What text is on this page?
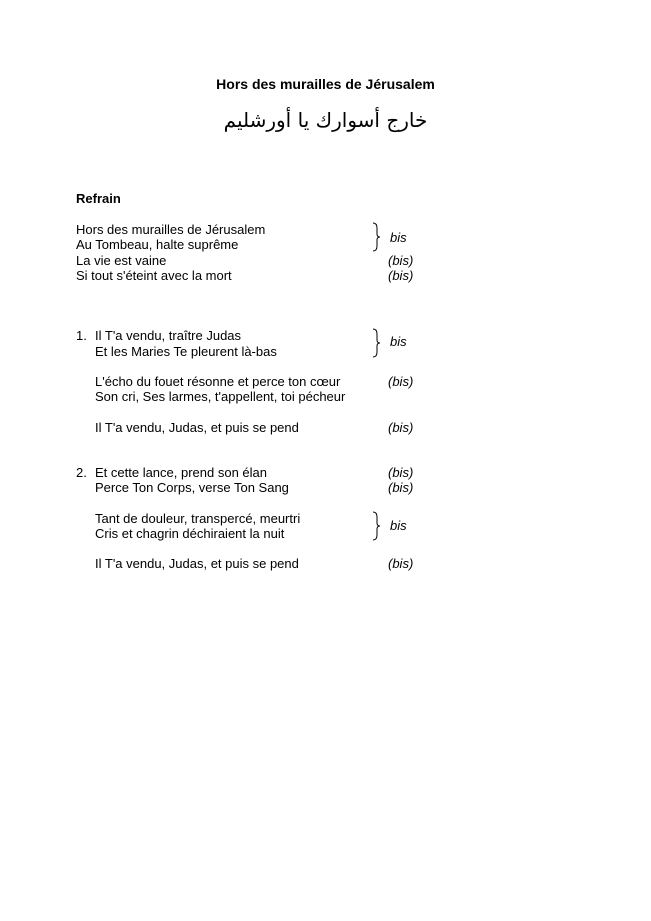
Hors des murailles de Jérusalem
خارج أسوارك يا أورشليم
Refrain
Hors des murailles de Jérusalem
Au Tombeau, halte suprême
La vie est vaine
Si tout s'éteint avec la mort
bis
(bis)
(bis)
1. Il T'a vendu, traître Judas
Et les Maries Te pleurent là-bas
bis
L'écho du fouet résonne et perce ton cœur
Son cri, Ses larmes, t'appellent, toi pécheur
(bis)
Il T'a vendu, Judas, et puis se pend	(bis)
2. Et cette lance, prend son élan
Perce Ton Corps, verse Ton Sang
(bis)
(bis)
Tant de douleur, transpercé, meurtri
Cris et chagrin déchiraient la nuit
bis
Il T'a vendu, Judas, et puis se pend	(bis)
